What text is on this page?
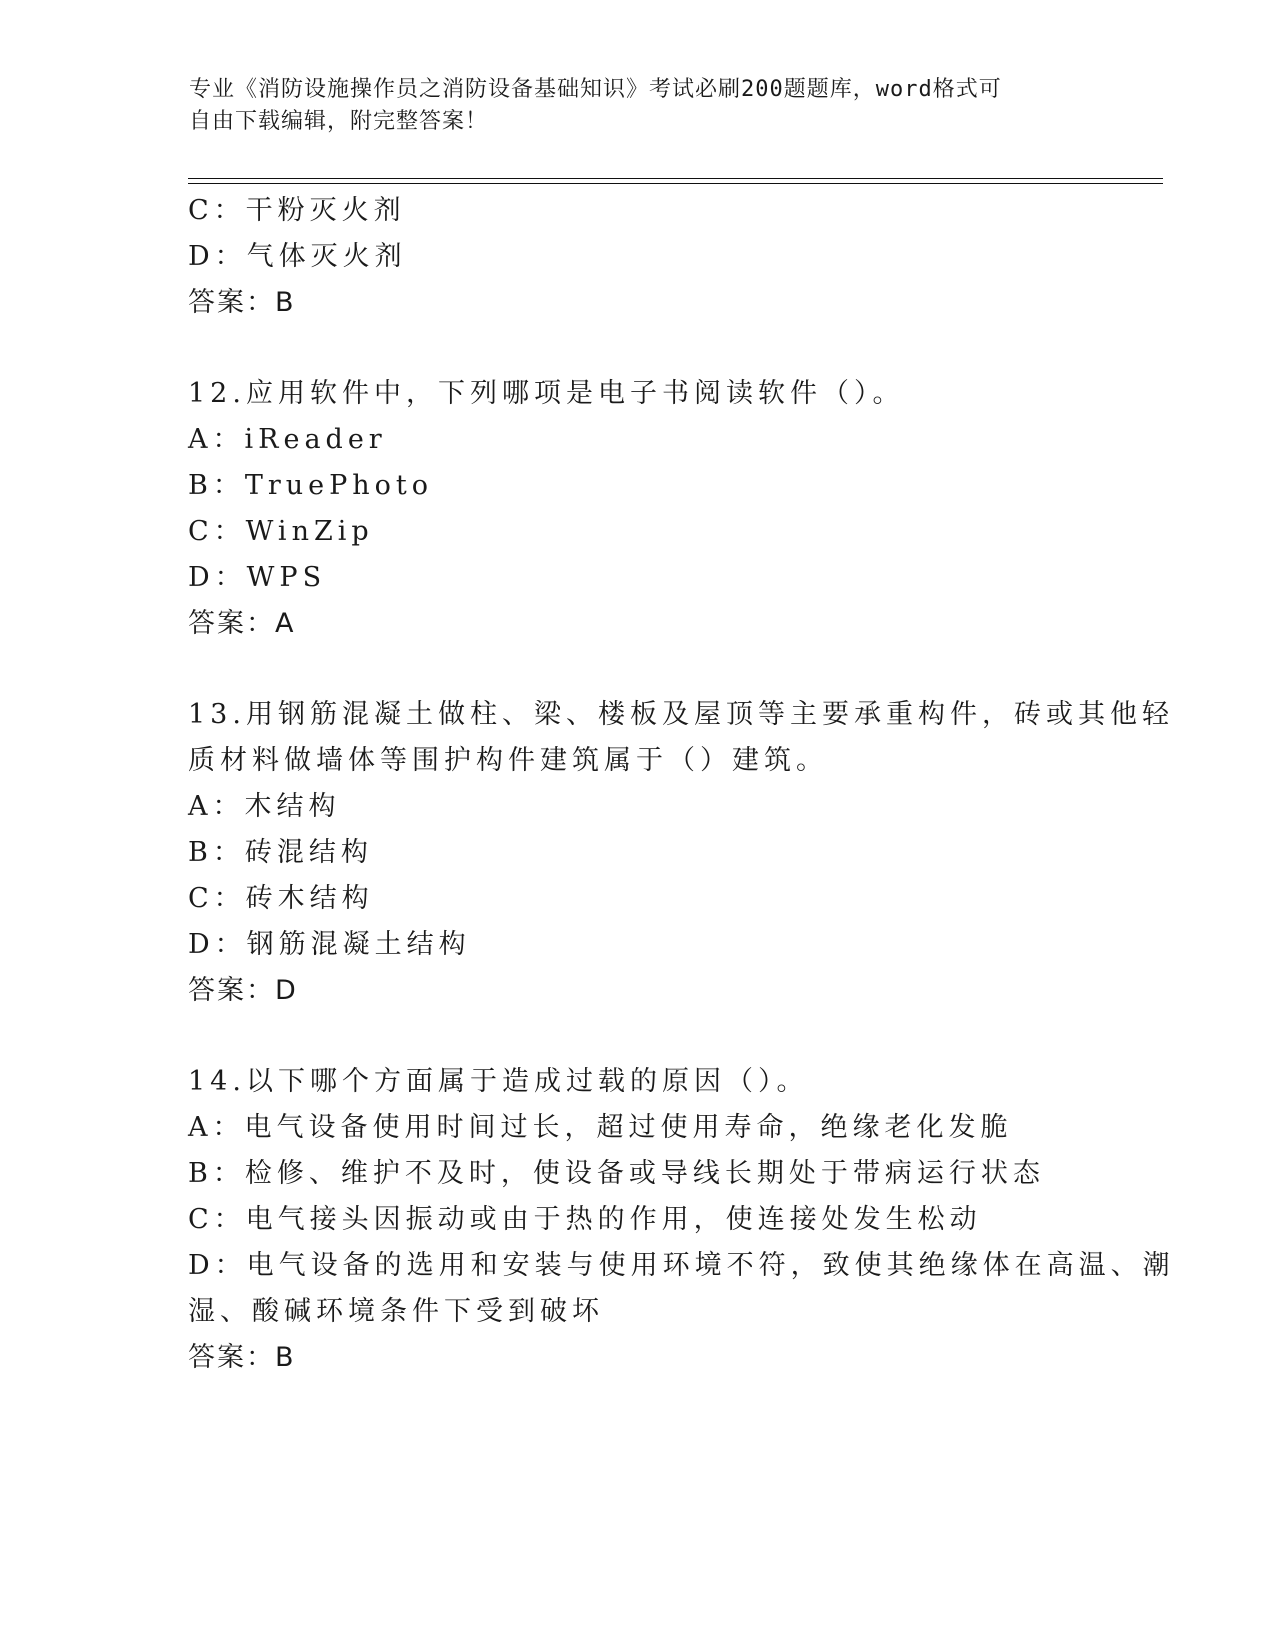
专业《消防设施操作员之消防设备基础知识》考试必刷200题题库，word格式可
自由下载编辑，附完整答案！
C：干粉灭火剂
D：气体灭火剂
答案：B
12.应用软件中，下列哪项是电子书阅读软件（）。
A：iReader
B：TruePhoto
C：WinZip
D：WPS
答案：A
13.用钢筋混凝土做柱、梁、楼板及屋顶等主要承重构件，砖或其他轻
质材料做墙体等围护构件建筑属于（）建筑。
A：木结构
B：砖混结构
C：砖木结构
D：钢筋混凝土结构
答案：D
14.以下哪个方面属于造成过载的原因（）。
A：电气设备使用时间过长，超过使用寿命，绝缘老化发脆
B：检修、维护不及时，使设备或导线长期处于带病运行状态
C：电气接头因振动或由于热的作用，使连接处发生松动
D：电气设备的选用和安装与使用环境不符，致使其绝缘体在高温、潮
湿、酸碱环境条件下受到破坏
答案：B
